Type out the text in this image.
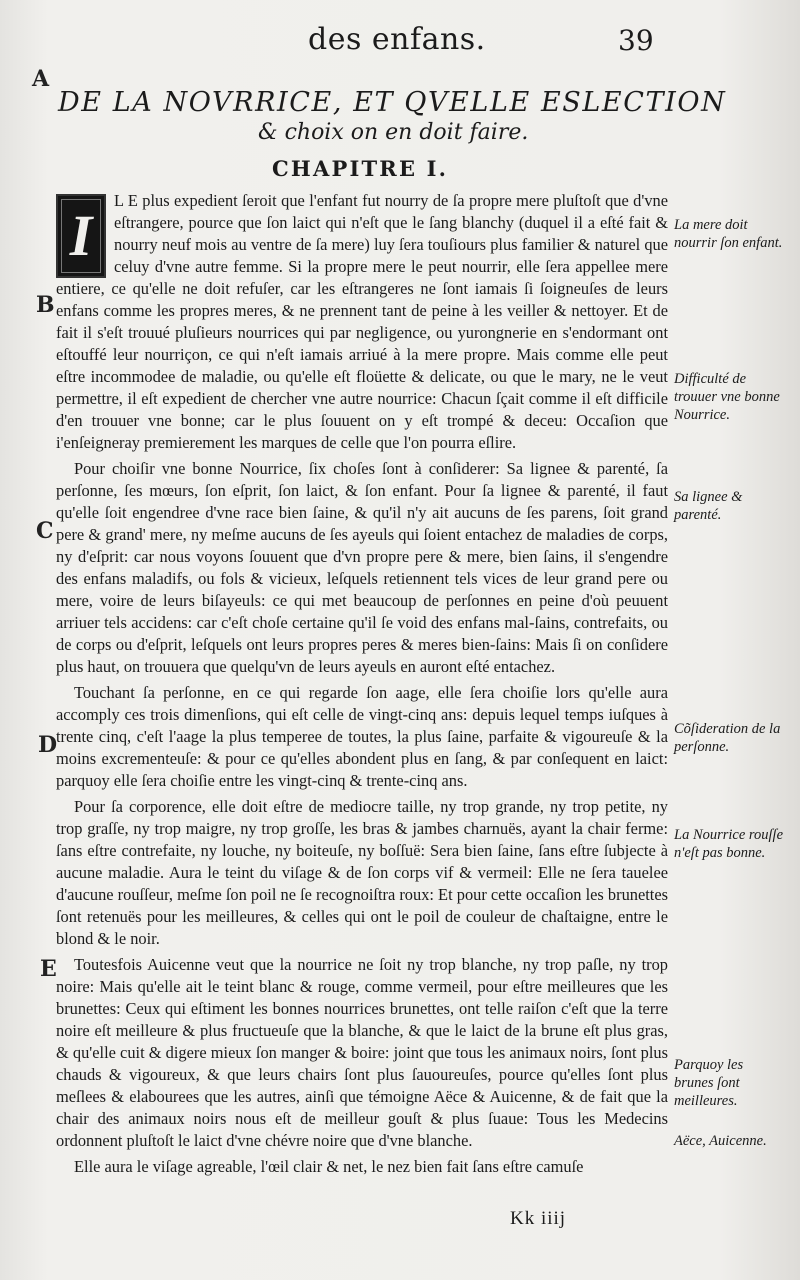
des enfans.	39
A
B
C
D
E
DE LA NOVRRICE, ET QVELLE ESLECTION
& choix on en doit faire.
CHAPITRE I.

I
L E plus expedient ſeroit que l'enfant fut nourry de ſa propre mere pluſtoſt que d'vne eſtrangere, pource que ſon laict qui n'eſt que le ſang blanchy (duquel il a eſté fait & nourry neuf mois au ventre de ſa mere) luy ſera touſiours plus familier & naturel que celuy d'vne autre femme. Si la propre mere le peut nourrir, elle ſera appellee mere entiere, ce qu'elle ne doit refuſer, car les eſtrangeres ne ſont iamais ſi ſoigneuſes de leurs enfans comme les propres meres, & ne prennent tant de peine à les veiller & nettoyer. Et de fait il s'eſt trouué pluſieurs nourrices qui par negligence, ou yurongnerie en s'endormant ont eſtouffé leur nourriçon, ce qui n'eſt iamais arriué à la mere propre. Mais comme elle peut eſtre incommodee de maladie, ou qu'elle eſt floüette & delicate, ou que le mary, ne le veut permettre, il eſt expedient de chercher vne autre nourrice: Chacun ſçait comme il eſt difficile d'en trouuer vne bonne; car le plus ſouuent on y eſt trompé & deceu: Occaſion que i'enſeigneray premierement les marques de celle que l'on pourra eſlire.

Pour choiſir vne bonne Nourrice, ſix choſes ſont à conſiderer: Sa lignee & parenté, ſa perſonne, ſes mœurs, ſon eſprit, ſon laict, & ſon enfant. Pour ſa lignee & parenté, il faut qu'elle ſoit engendree d'vne race bien ſaine, & qu'il n'y ait aucuns de ſes parens, ſoit grand pere & grand' mere, ny meſme aucuns de ſes ayeuls qui ſoient entachez de maladies de corps, ny d'eſprit: car nous voyons ſouuent que d'vn propre pere & mere, bien ſains, il s'engendre des enfans maladifs, ou fols & vicieux, leſquels retiennent tels vices de leur grand pere ou mere, voire de leurs biſayeuls: ce qui met beaucoup de perſonnes en peine d'où peuuent arriuer tels accidens: car c'eſt choſe certaine qu'il ſe void des enfans mal-ſains, contrefaits, ou de corps ou d'eſprit, leſquels ont leurs propres peres & meres bien-ſains: Mais ſi on conſidere plus haut, on trouuera que quelqu'vn de leurs ayeuls en auront eſté entachez.

Touchant ſa perſonne, en ce qui regarde ſon aage, elle ſera choiſie lors qu'elle aura accomply ces trois dimenſions, qui eſt celle de vingt-cinq ans: depuis lequel temps iuſques à trente cinq, c'eſt l'aage la plus temperee de toutes, la plus ſaine, parfaite & vigoureuſe & la moins excrementeuſe: & pour ce qu'elles abondent plus en ſang, & par conſequent en laict: parquoy elle ſera choiſie entre les vingt-cinq & trente-cinq ans.

Pour ſa corporence, elle doit eſtre de mediocre taille, ny trop grande, ny trop petite, ny trop graſſe, ny trop maigre, ny trop groſſe, les bras & jambes charnuës, ayant la chair ferme: ſans eſtre contrefaite, ny louche, ny boiteuſe, ny boſſuë: Sera bien ſaine, ſans eſtre ſubjecte à aucune maladie. Aura le teint du viſage & de ſon corps vif & vermeil: Elle ne ſera tauelee d'aucune rouſſeur, meſme ſon poil ne ſe recognoiſtra roux: Et pour cette occaſion les brunettes ſont retenuës pour les meilleures, & celles qui ont le poil de couleur de chaſtaigne, entre le blond & le noir.

Toutesfois Auicenne veut que la nourrice ne ſoit ny trop blanche, ny trop paſle, ny trop noire: Mais qu'elle ait le teint blanc & rouge, comme vermeil, pour eſtre meilleures que les brunettes: Ceux qui eſtiment les bonnes nourrices brunettes, ont telle raiſon c'eſt que la terre noire eſt meilleure & plus fructueuſe que la blanche, & que le laict de la brune eſt plus gras, & qu'elle cuit & digere mieux ſon manger & boire: joint que tous les animaux noirs, ſont plus chauds & vigoureux, & que leurs chairs ſont plus ſauoureuſes, pource qu'elles ſont plus meſlees & elabourees que les autres, ainſi que témoigne Aëce & Auicenne, & de fait que la chair des animaux noirs nous eſt de meilleur gouſt & plus ſuaue: Tous les Medecins ordonnent pluſtoſt le laict d'vne chévre noire que d'vne blanche.

Elle aura le viſage agreable, l'œil clair & net, le nez bien fait ſans eſtre camuſe

La mere doit nourrir ſon enfant.
Difficulté de trouuer vne bonne Nourrice.
Sa lignee & parenté.
Cõſideration de la perſonne.
La Nourrice rouſſe n'eſt pas bonne.
Parquoy les brunes ſont meilleures.
Aëce, Auicenne.
Kk iiij
